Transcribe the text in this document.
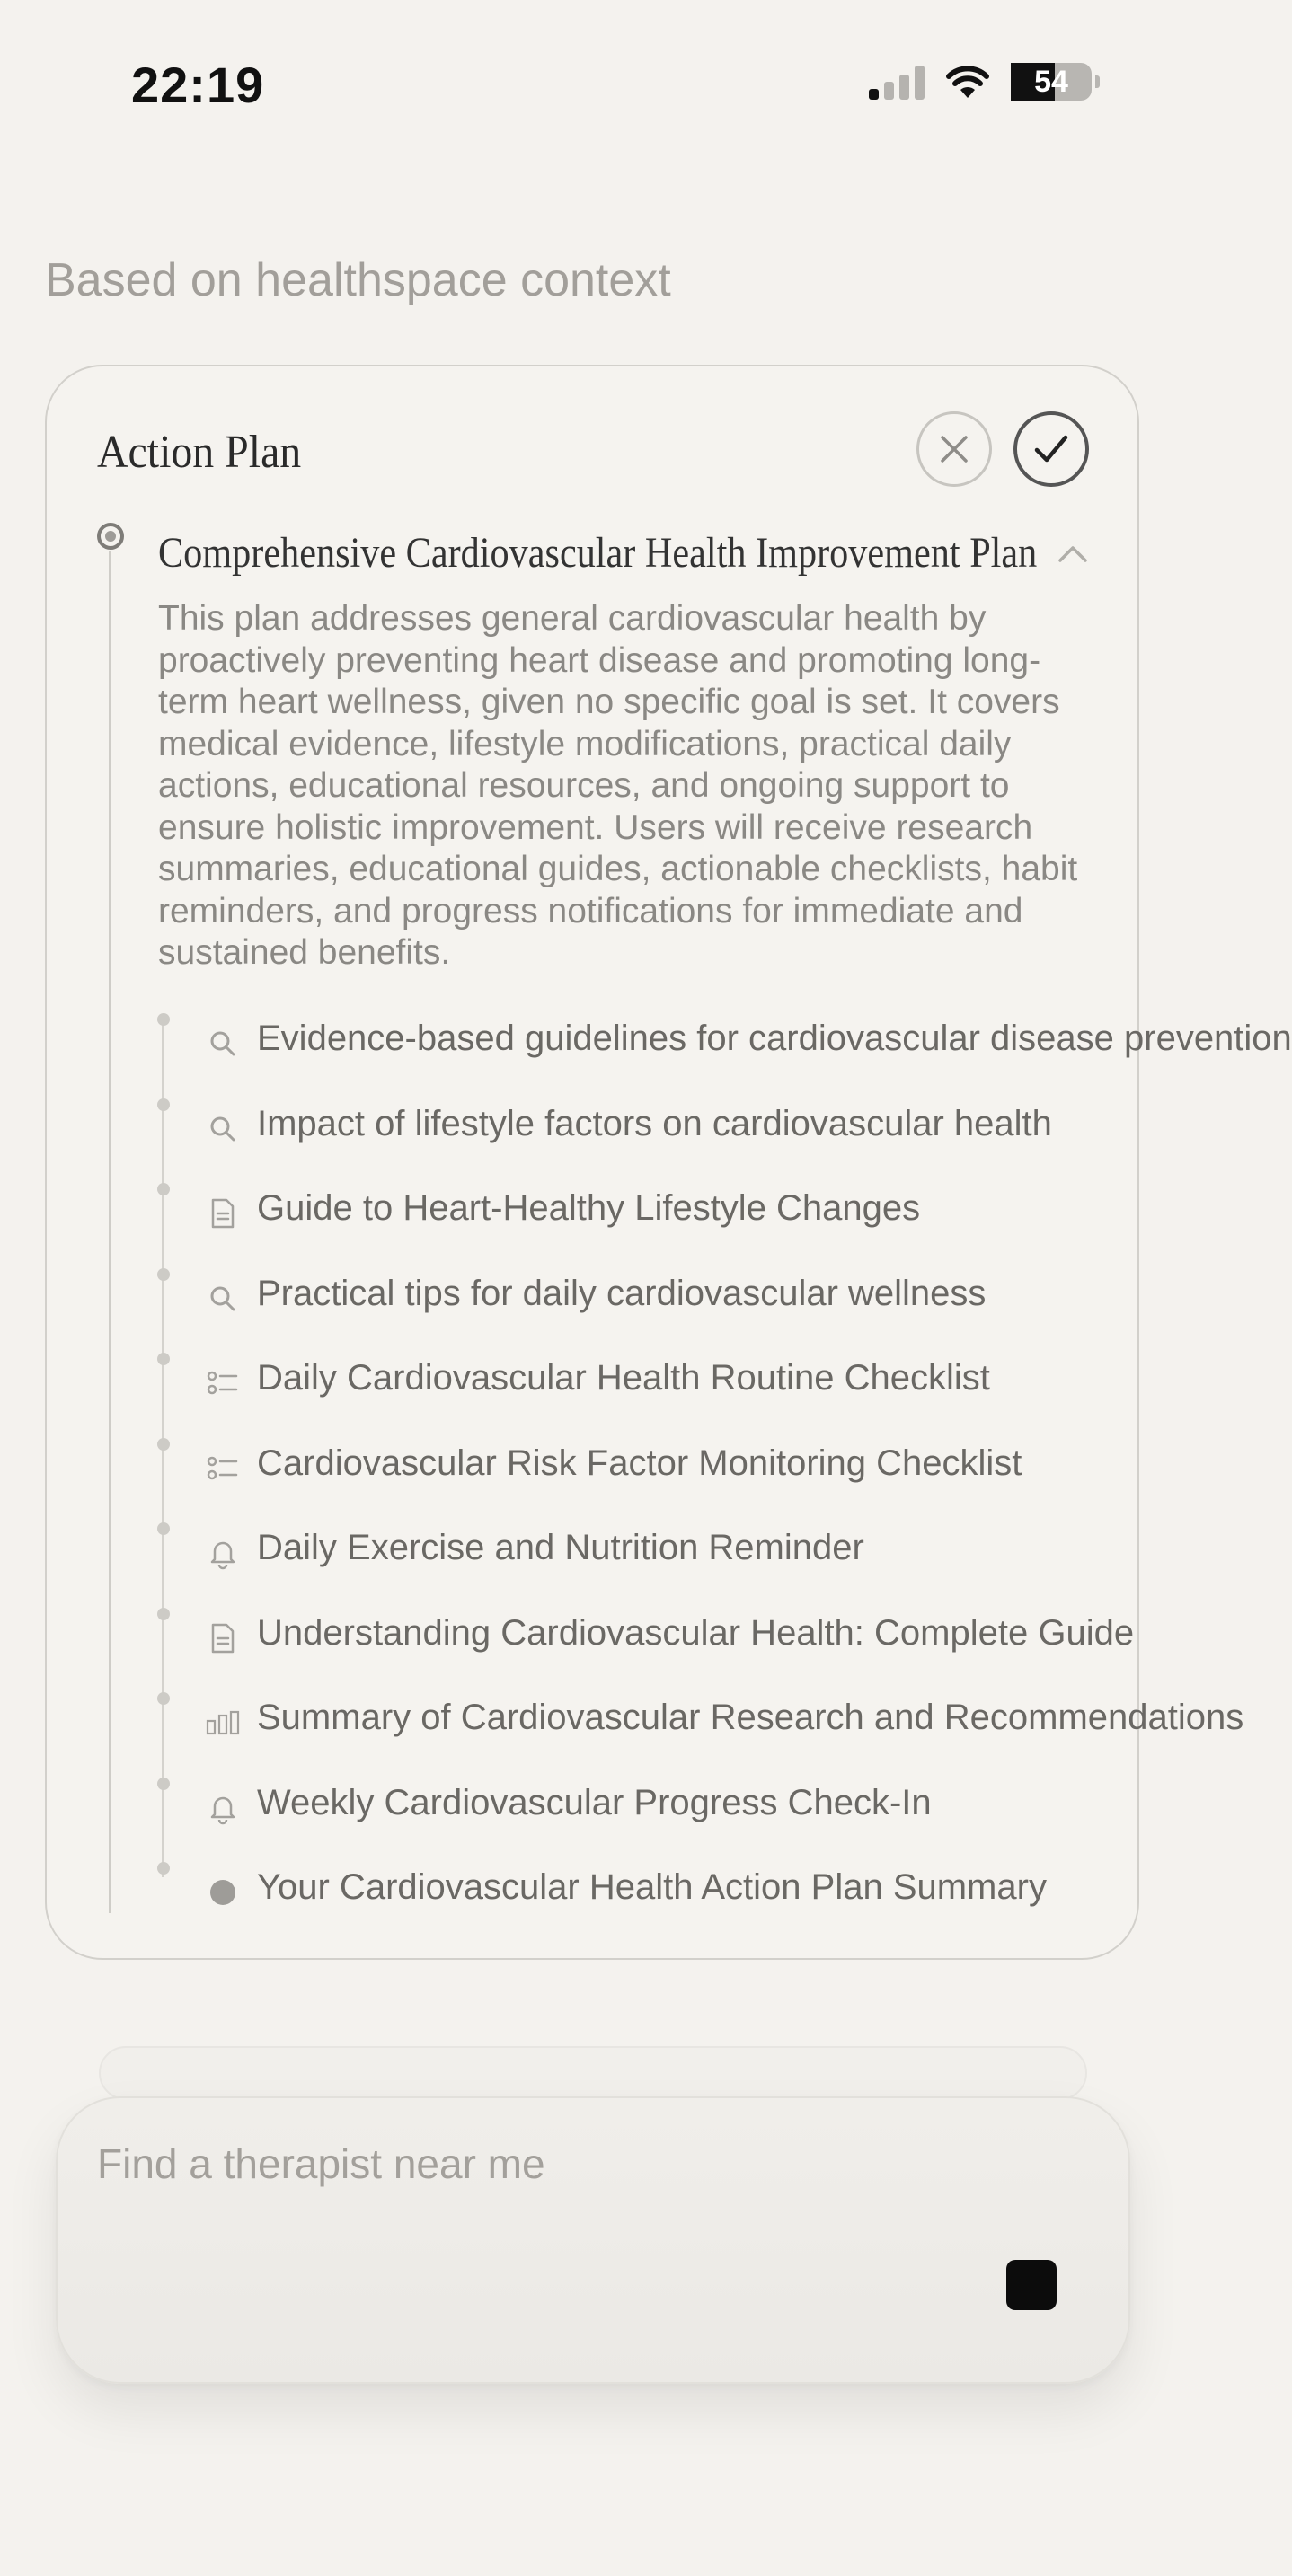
22:19	54
Based on healthspace context
Action Plan
Comprehensive Cardiovascular Health Improvement Plan
This plan addresses general cardiovascular health by proactively preventing heart disease and promoting long-term heart wellness, given no specific goal is set. It covers medical evidence, lifestyle modifications, practical daily actions, educational resources, and ongoing support to ensure holistic improvement. Users will receive research summaries, educational guides, actionable checklists, habit reminders, and progress notifications for immediate and sustained benefits.
Evidence-based guidelines for cardiovascular disease prevention
Impact of lifestyle factors on cardiovascular health
Guide to Heart-Healthy Lifestyle Changes
Practical tips for daily cardiovascular wellness
Daily Cardiovascular Health Routine Checklist
Cardiovascular Risk Factor Monitoring Checklist
Daily Exercise and Nutrition Reminder
Understanding Cardiovascular Health: Complete Guide
Summary of Cardiovascular Research and Recommendations
Weekly Cardiovascular Progress Check-In
Your Cardiovascular Health Action Plan Summary
Find a therapist near me
